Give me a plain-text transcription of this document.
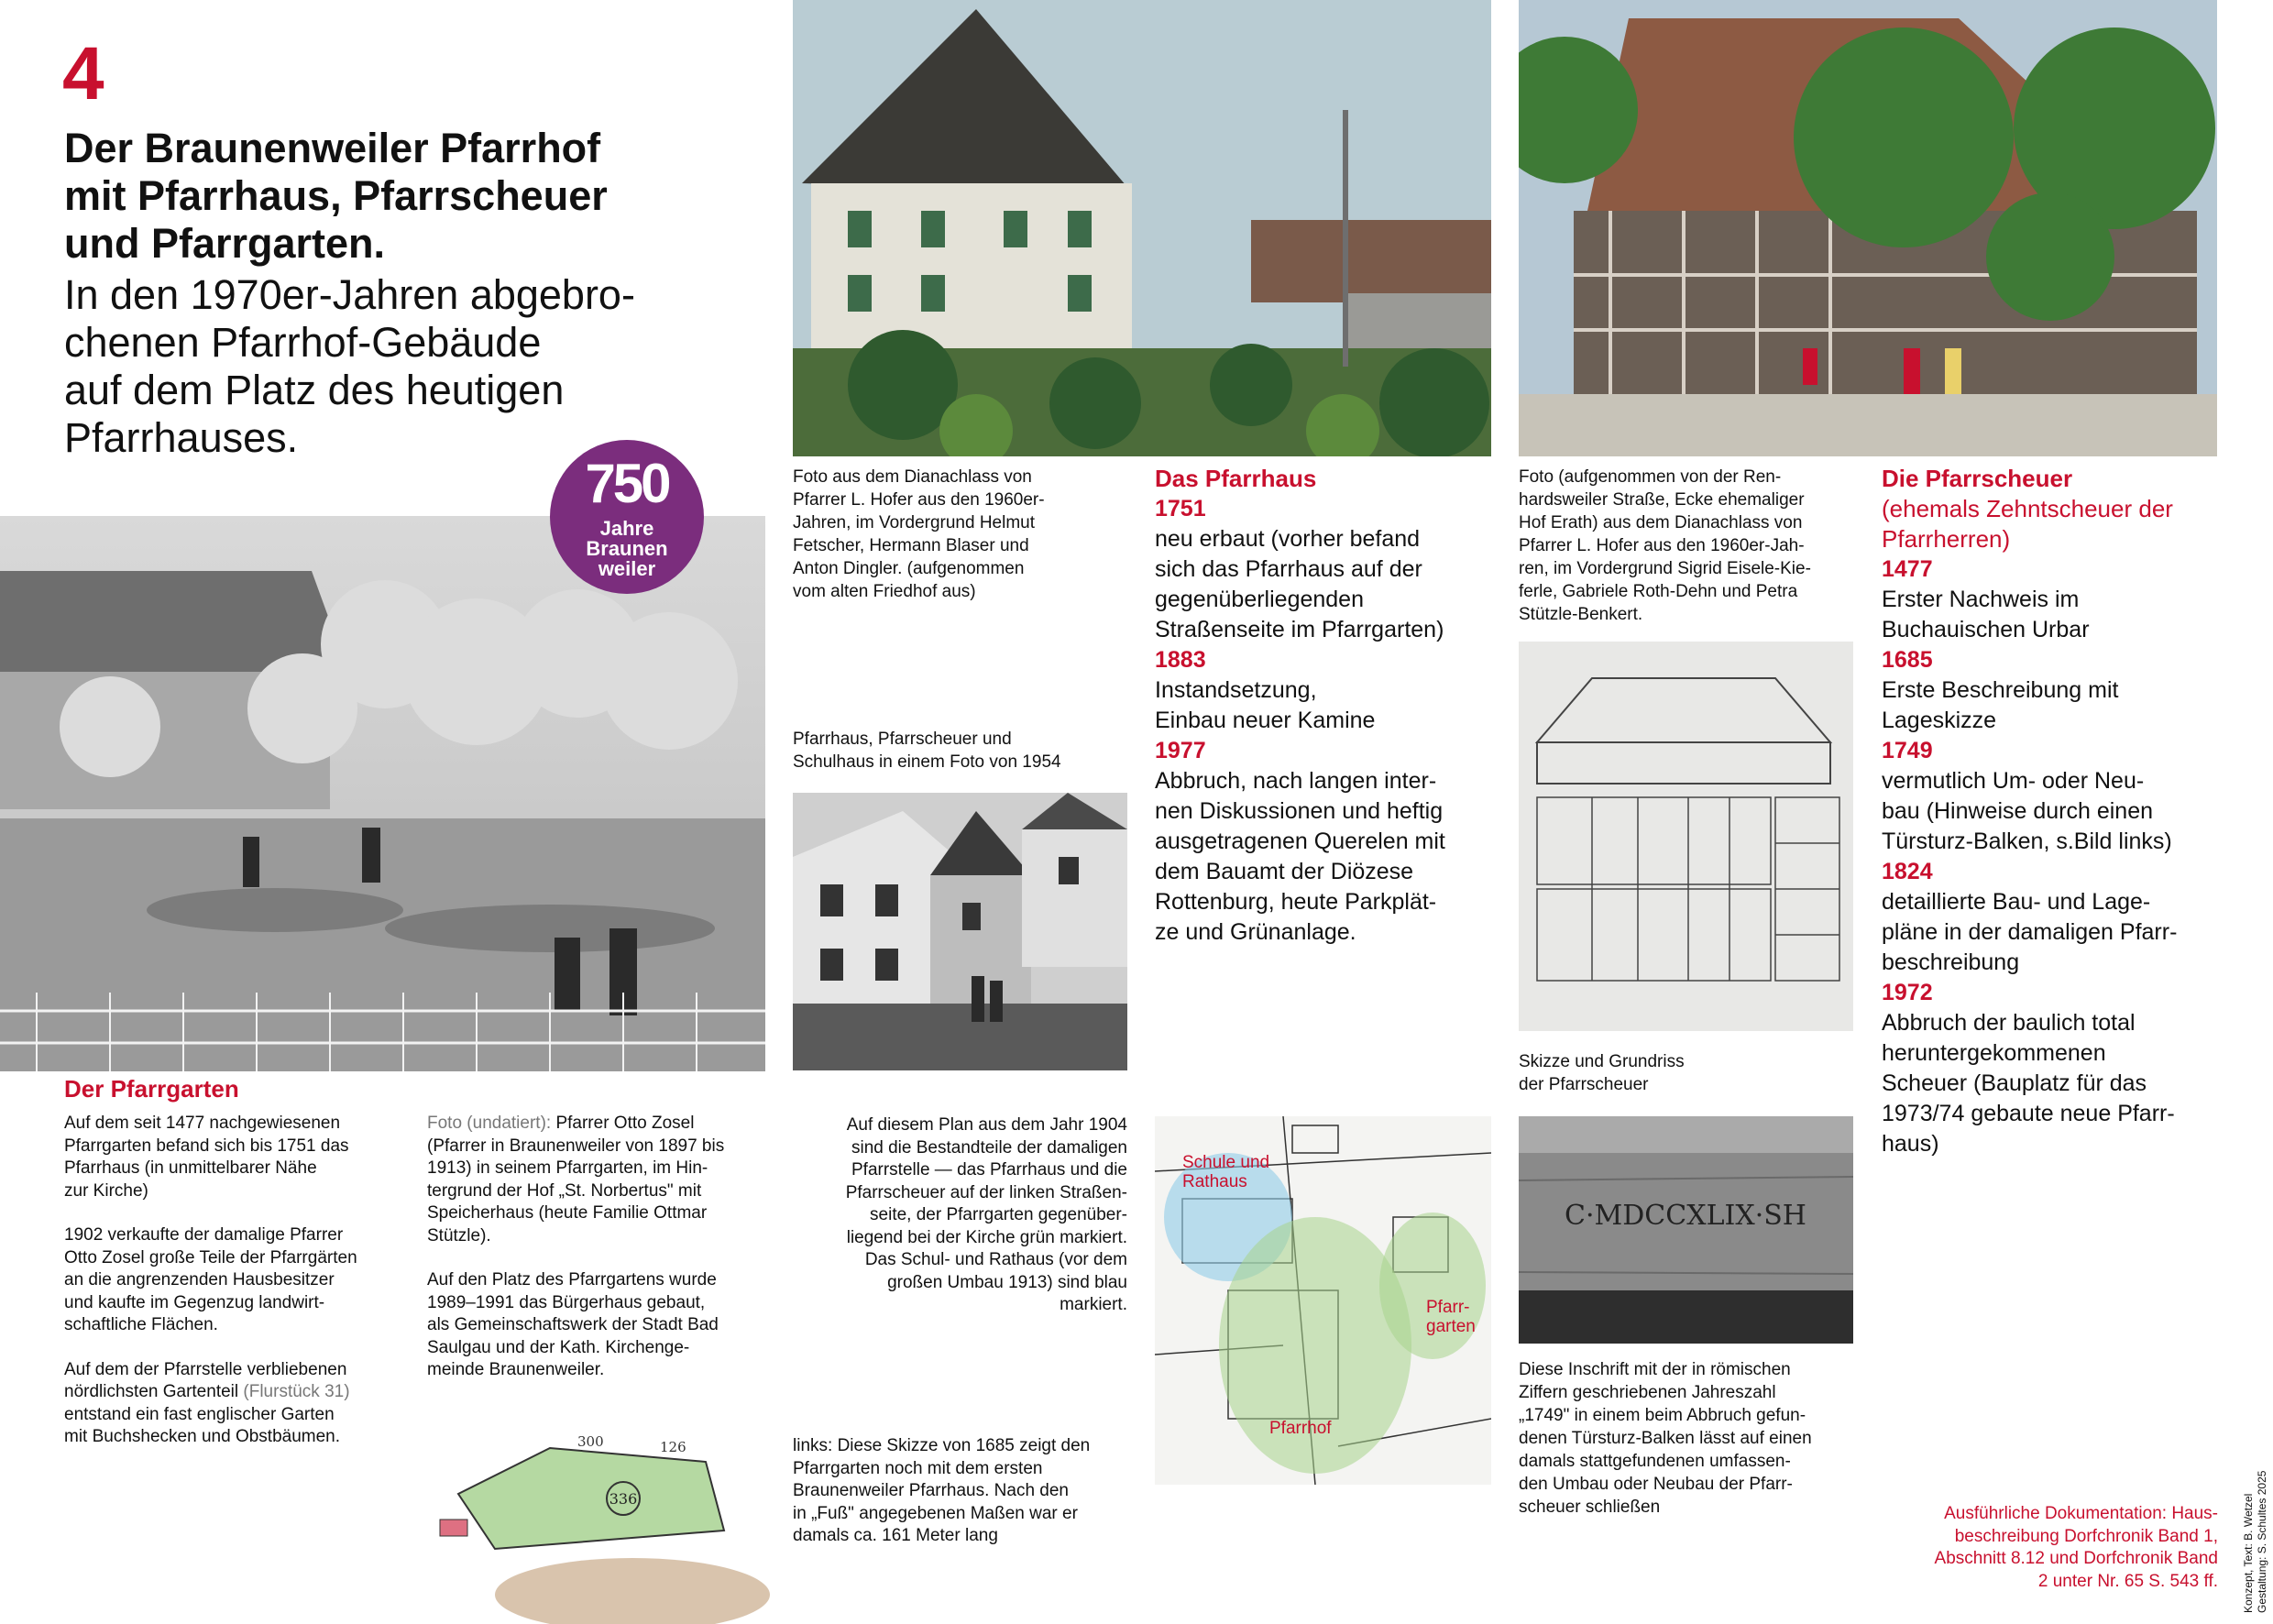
4
Der Braunenweiler Pfarrhof
mit Pfarrhaus, Pfarrscheuer
und Pfarrgarten.
In den 1970er-Jahren abgebro-
chenen Pfarrhof-Gebäude
auf dem Platz des heutigen
Pfarrhauses.
750
Jahre
Braunen
weiler
C·MDCCXLIX·SH
Schule und
Rathaus
Pfarr-
garten
Pfarrhof
336
300	126
Foto aus dem Dianachlass von
Pfarrer L. Hofer aus den 1960er-
Jahren, im Vordergrund Helmut
Fetscher, Hermann Blaser und
Anton Dingler. (aufgenommen
vom alten Friedhof aus)
Pfarrhaus, Pfarrscheuer und
Schulhaus in einem Foto von 1954
Foto (aufgenommen von der Ren-
hardsweiler Straße, Ecke ehemaliger
Hof Erath) aus dem Dianachlass von
Pfarrer L. Hofer aus den 1960er-Jah-
ren, im Vordergrund Sigrid Eisele-Kie-
ferle, Gabriele Roth-Dehn und Petra
Stützle-Benkert.
Skizze und Grundriss
der Pfarrscheuer
Diese Inschrift mit der in römischen
Ziffern geschriebenen Jahreszahl
„1749" in einem beim Abbruch gefun-
denen Türsturz-Balken lässt auf einen
damals stattgefundenen umfassen-
den Umbau oder Neubau der Pfarr-
scheuer schließen
Auf diesem Plan aus dem Jahr 1904
sind die Bestandteile der damaligen
Pfarrstelle — das Pfarrhaus und die
Pfarrscheuer auf der linken Straßen-
seite, der Pfarrgarten gegenüber-
liegend bei der Kirche grün markiert.
Das Schul- und Rathaus (vor dem
großen Umbau 1913) sind blau
markiert.
links: Diese Skizze von 1685 zeigt den
Pfarrgarten noch mit dem ersten
Braunenweiler Pfarrhaus. Nach den
in „Fuß" angegebenen Maßen war er
damals ca. 161 Meter lang
Das Pfarrhaus
1751
neu erbaut (vorher befand
sich das Pfarrhaus auf der
gegenüberliegenden
Straßenseite im Pfarrgarten)
1883
Instandsetzung,
Einbau neuer Kamine
1977
Abbruch, nach langen inter-
nen Diskussionen und heftig
ausgetragenen Querelen mit
dem Bauamt der Diözese
Rottenburg, heute Parkplät-
ze und Grünanlage.
Die Pfarrscheuer
(ehemals Zehntscheuer der
Pfarrherren)
1477
Erster Nachweis im
Buchauischen Urbar
1685
Erste Beschreibung mit
Lageskizze
1749
vermutlich Um- oder Neu-
bau (Hinweise durch einen
Türsturz-Balken, s.Bild links)
1824
detaillierte Bau- und Lage-
pläne in der damaligen Pfarr-
beschreibung
1972
Abbruch der baulich total
heruntergekommenen
Scheuer (Bauplatz für das
1973/74 gebaute neue Pfarr-
haus)
Der Pfarrgarten
Auf dem seit 1477 nachgewiesenen
Pfarrgarten befand sich bis 1751 das
Pfarrhaus (in unmittelbarer Nähe
zur Kirche)
1902 verkaufte der damalige Pfarrer
Otto Zosel große Teile der Pfarrgärten
an die angrenzenden Hausbesitzer
und kaufte im Gegenzug landwirt-
schaftliche Flächen.
Auf dem der Pfarrstelle verbliebenen
nördlichsten Gartenteil (Flurstück 31)
entstand ein fast englischer Garten
mit Buchshecken und Obstbäumen.
Foto (undatiert): Pfarrer Otto Zosel
(Pfarrer in Braunenweiler von 1897 bis
1913) in seinem Pfarrgarten, im Hin-
tergrund der Hof „St. Norbertus" mit
Speicherhaus (heute Familie Ottmar
Stützle).
Auf den Platz des Pfarrgartens wurde
1989–1991 das Bürgerhaus gebaut,
als Gemeinschaftswerk der Stadt Bad
Saulgau und der Kath. Kirchenge-
meinde Braunenweiler.
Ausführliche Dokumentation: Haus-
beschreibung Dorfchronik Band 1,
Abschnitt 8.12 und Dorfchronik Band
2 unter Nr. 65 S. 543 ff. Konzept, Text: B. Wetzel
Gestaltung: S. Schultes 2025
